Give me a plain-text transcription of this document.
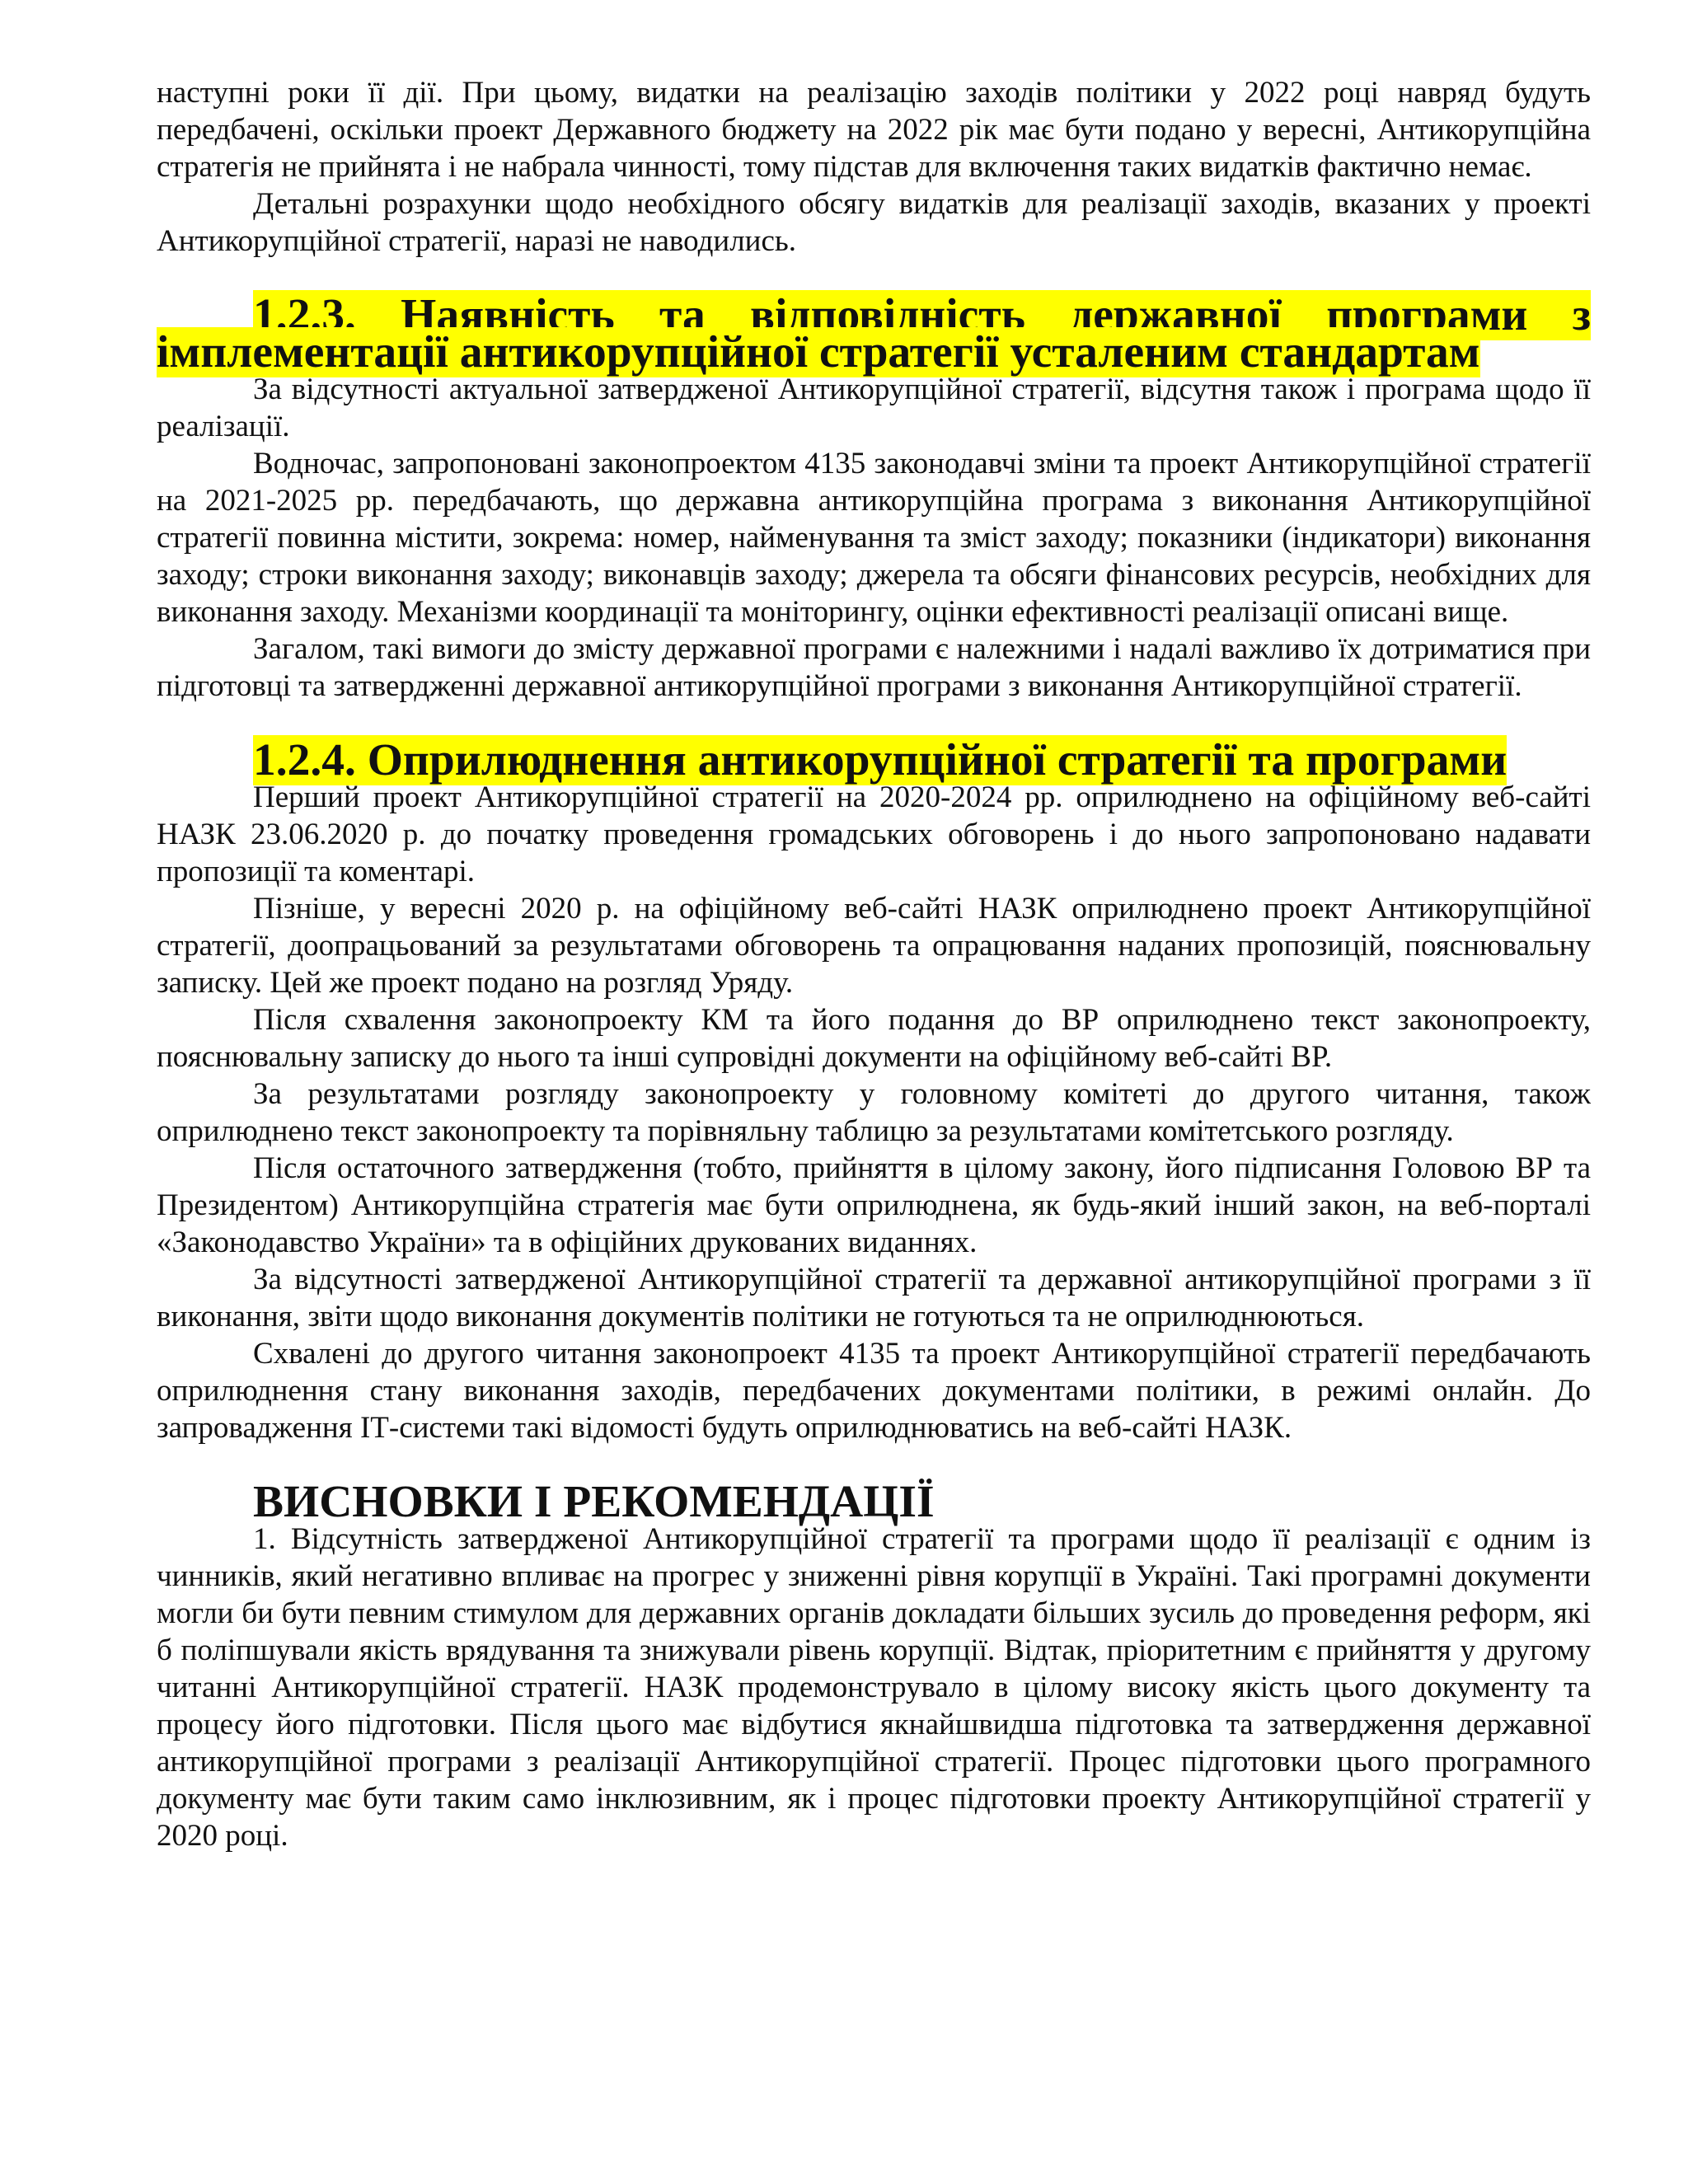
наступні роки її дії. При цьому, видатки на реалізацію заходів політики у 2022 році навряд будуть передбачені, оскільки проект Державного бюджету на 2022 рік має бути подано у вересні, Антикорупційна стратегія не прийнята і не набрала чинності, тому підстав для включення таких видатків фактично немає.

Детальні розрахунки щодо необхідного обсягу видатків для реалізації заходів, вказаних у проекті Антикорупційної стратегії, наразі не наводились.

1.2.3. Наявність та відповідність державної програми з імплементації антикорупційної стратегії усталеним стандартам

За відсутності актуальної затвердженої Антикорупційної стратегії, відсутня також і програма щодо її реалізації.

Водночас, запропоновані законопроектом 4135 законодавчі зміни та проект Антикорупційної стратегії на 2021-2025 рр. передбачають, що державна антикорупційна програма з виконання Антикорупційної стратегії повинна містити, зокрема: номер, найменування та зміст заходу; показники (індикатори) виконання заходу; строки виконання заходу; виконавців заходу; джерела та обсяги фінансових ресурсів, необхідних для виконання заходу. Механізми координації та моніторингу, оцінки ефективності реалізації описані вище.

Загалом, такі вимоги до змісту державної програми є належними і надалі важливо їх дотриматися при підготовці та затвердженні державної антикорупційної програми з виконання Антикорупційної стратегії.

1.2.4. Оприлюднення антикорупційної стратегії та програми

Перший проект Антикорупційної стратегії на 2020-2024 рр. оприлюднено на офіційному веб-сайті НАЗК 23.06.2020 р. до початку проведення громадських обговорень і до нього запропоновано надавати пропозиції та коментарі.

Пізніше, у вересні 2020 р. на офіційному веб-сайті НАЗК оприлюднено проект Антикорупційної стратегії, доопрацьований за результатами обговорень та опрацювання наданих пропозицій, пояснювальну записку. Цей же проект подано на розгляд Уряду.

Після схвалення законопроекту КМ та його подання до ВР оприлюднено текст законопроекту, пояснювальну записку до нього та інші супровідні документи на офіційному веб-сайті ВР.

За результатами розгляду законопроекту у головному комітеті до другого читання, також оприлюднено текст законопроекту та порівняльну таблицю за результатами комітетського розгляду.

Після остаточного затвердження (тобто, прийняття в цілому закону, його підписання Головою ВР та Президентом) Антикорупційна стратегія має бути оприлюднена, як будь-який інший закон, на веб-порталі «Законодавство України» та в офіційних друкованих виданнях.

За відсутності затвердженої Антикорупційної стратегії та державної антикорупційної програми з її виконання, звіти щодо виконання документів політики не готуються та не оприлюднюються.

Схвалені до другого читання законопроект 4135 та проект Антикорупційної стратегії передбачають оприлюднення стану виконання заходів, передбачених документами політики, в режимі онлайн. До запровадження ІТ-системи такі відомості будуть оприлюднюватись на веб-сайті НАЗК.

ВИСНОВКИ І РЕКОМЕНДАЦІЇ

1. Відсутність затвердженої Антикорупційної стратегії та програми щодо її реалізації є одним із чинників, який негативно впливає на прогрес у зниженні рівня корупції в Україні. Такі програмні документи могли би бути певним стимулом для державних органів докладати більших зусиль до проведення реформ, які б поліпшували якість врядування та знижували рівень корупції. Відтак, пріоритетним є прийняття у другому читанні Антикорупційної стратегії. НАЗК продемонструвало в цілому високу якість цього документу та процесу його підготовки. Після цього має відбутися якнайшвидша підготовка та затвердження державної антикорупційної програми з реалізації Антикорупційної стратегії. Процес підготовки цього програмного документу має бути таким само інклюзивним, як і процес підготовки проекту Антикорупційної стратегії у 2020 році.
